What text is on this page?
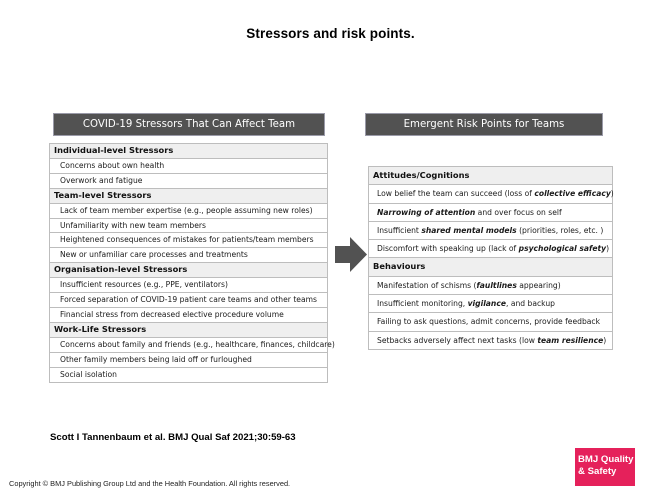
Stressors and risk points.
COVID-19 Stressors That Can Affect Team	Emergent Risk Points for Teams
Individual-level Stressors
Concerns about own health
Overwork and fatigue
Team-level Stressors
Lack of team member expertise (e.g., people assuming new roles)
Unfamiliarity with new team members
Heightened consequences of mistakes for patients/team members
New or unfamiliar care processes and treatments
Organisation-level Stressors
Insufficient resources (e.g., PPE, ventilators)
Forced separation of COVID-19 patient care teams and other teams
Financial stress from decreased elective procedure volume
Work-Life Stressors
Concerns about family and friends (e.g., healthcare, finances, childcare)
Other family members being laid off or furloughed
Social isolation
Attitudes/Cognitions
Low belief the team can succeed (loss of collective efficacy)
Narrowing of attention and over focus on self
Insufficient shared mental models (priorities, roles, etc. )
Discomfort with speaking up (lack of psychological safety)
Behaviours
Manifestation of schisms (faultlines appearing)
Insufficient monitoring, vigilance, and backup
Failing to ask questions, admit concerns, provide feedback
Setbacks adversely affect next tasks (low team resilience)
Scott I Tannenbaum et al. BMJ Qual Saf 2021;30:59-63
Copyright © BMJ Publishing Group Ltd and the Health Foundation. All rights reserved.
BMJ Quality
& Safety
